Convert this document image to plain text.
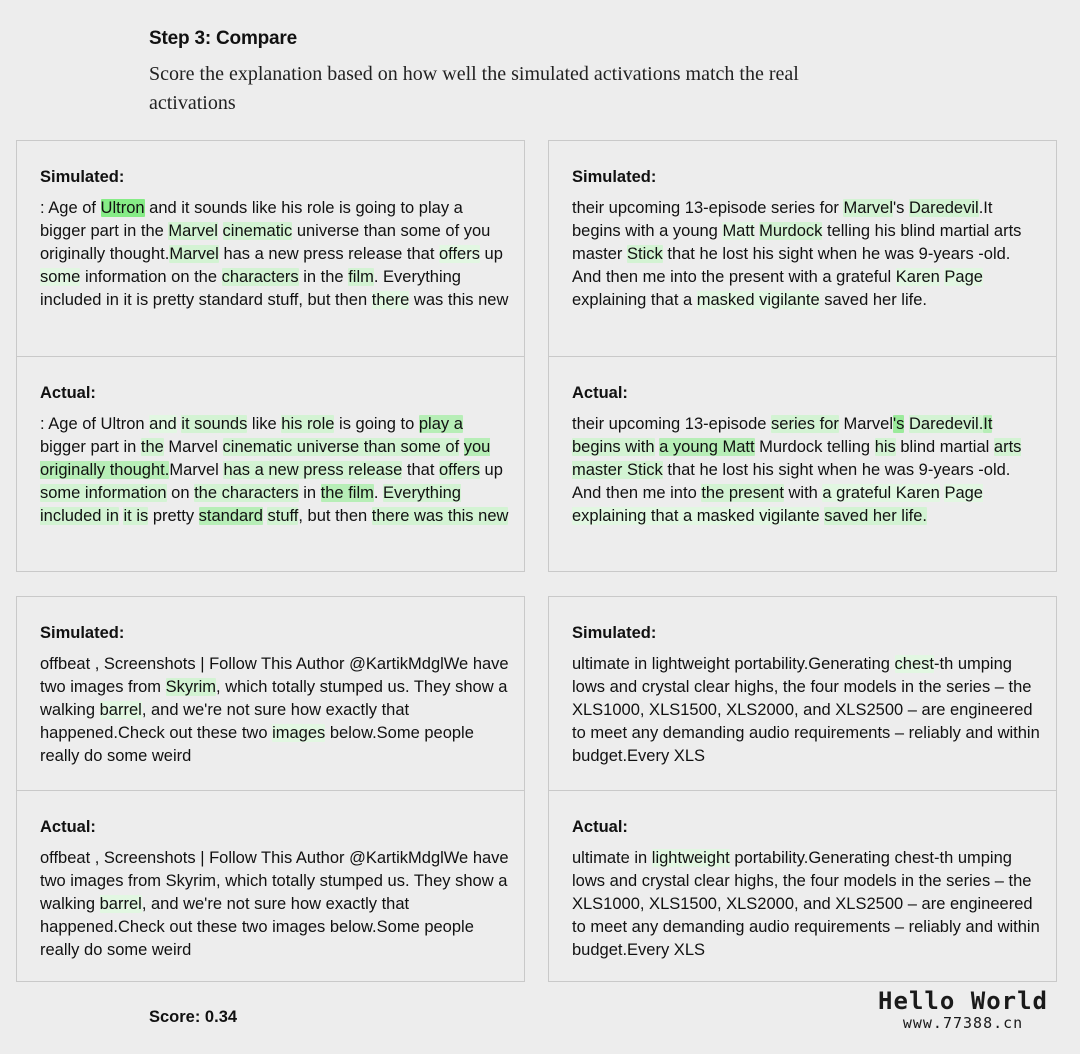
Step 3: Compare
Score the explanation based on how well the simulated activations match the real activations
Simulated:
: Age of Ultron and it sounds like his role is going to play a bigger part in the Marvel cinematic universe than some of you originally thought.Marvel has a new press release that offers up some information on the characters in the film. Everything included in it is pretty standard stuff, but then there was this new
Actual:
: Age of Ultron and it sounds like his role is going to play a bigger part in the Marvel cinematic universe than some of you originally thought.Marvel has a new press release that offers up some information on the characters in the film. Everything included in it is pretty standard stuff, but then there was this new
Simulated:
their upcoming 13-episode series for Marvel's Daredevil.It begins with a young Matt Murdock telling his blind martial arts master Stick that he lost his sight when he was 9-years -old. And then me into the present with a grateful Karen Page explaining that a masked vigilante saved her life.
Actual:
their upcoming 13-episode series for Marvel's Daredevil.It begins with a young Matt Murdock telling his blind martial arts master Stick that he lost his sight when he was 9-years -old. And then me into the present with a grateful Karen Page explaining that a masked vigilante saved her life.
Simulated:
offbeat , Screenshots | Follow This Author @KartikMdglWe have two images from Skyrim, which totally stumped us. They show a walking barrel, and we're not sure how exactly that happened.Check out these two images below.Some people really do some weird
Actual:
offbeat , Screenshots | Follow This Author @KartikMdglWe have two images from Skyrim, which totally stumped us. They show a walking barrel, and we're not sure how exactly that happened.Check out these two images below.Some people really do some weird
Simulated:
ultimate in lightweight portability.Generating chest-th umping lows and crystal clear highs, the four models in the series – the XLS1000, XLS1500, XLS2000, and XLS2500 – are engineered to meet any demanding audio requirements – reliably and within budget.Every XLS
Actual:
ultimate in lightweight portability.Generating chest-th umping lows and crystal clear highs, the four models in the series – the XLS1000, XLS1500, XLS2000, and XLS2500 – are engineered to meet any demanding audio requirements – reliably and within budget.Every XLS
Score: 0.34
Hello World
www.77388.cn
